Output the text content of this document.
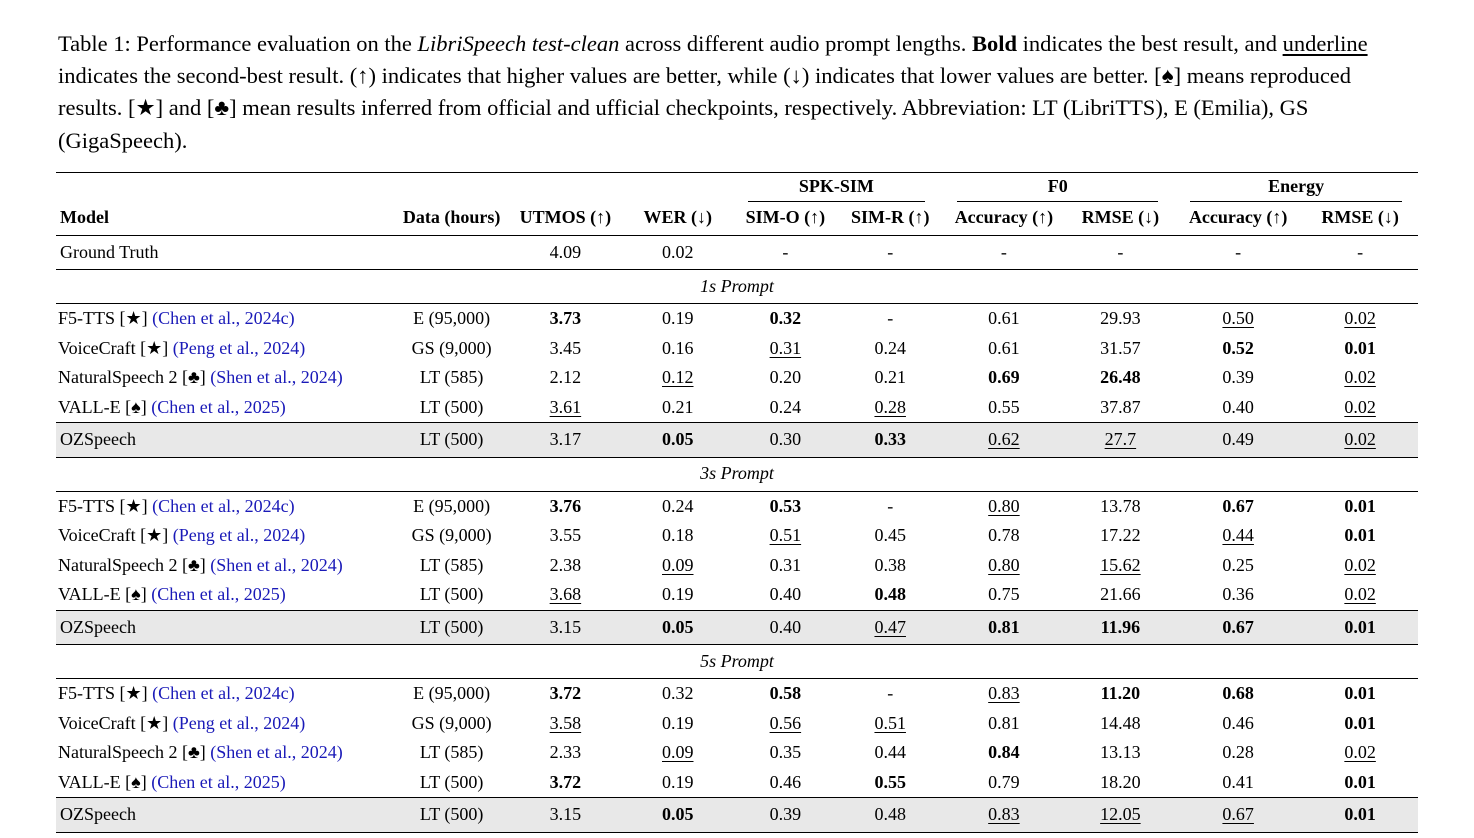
Table 1: Performance evaluation on the LibriSpeech test-clean across different audio prompt lengths. Bold indicates the best result, and underline indicates the second-best result. (↑) indicates that higher values are better, while (↓) indicates that lower values are better. [♠] means reproduced results. [★] and [♣] mean results inferred from official and ufficial checkpoints, respectively. Abbreviation: LT (LibriTTS), E (Emilia), GS (GigaSpeech).

				SPK-SIM		F0		Energy	

Model	Data (hours)	UTMOS (↑)	WER (↓)	SIM-O (↑)	SIM-R (↑)	Accuracy (↑)	RMSE (↓)	Accuracy (↑)	RMSE (↓)
Ground Truth		4.09	0.02	-	-	-	-	-	-
1s Prompt									
F5-TTS [★] (Chen et al., 2024c)	E (95,000)	3.73	0.19	0.32	-	0.61	29.93	0.50	0.02
VoiceCraft [★] (Peng et al., 2024)	GS (9,000)	3.45	0.16	0.31	0.24	0.61	31.57	0.52	0.01
NaturalSpeech 2 [♣] (Shen et al., 2024)	LT (585)	2.12	0.12	0.20	0.21	0.69	26.48	0.39	0.02
VALL-E [♠] (Chen et al., 2025)	LT (500)	3.61	0.21	0.24	0.28	0.55	37.87	0.40	0.02
OZSpeech	LT (500)	3.17	0.05	0.30	0.33	0.62	27.7	0.49	0.02
3s Prompt									
F5-TTS [★] (Chen et al., 2024c)	E (95,000)	3.76	0.24	0.53	-	0.80	13.78	0.67	0.01
VoiceCraft [★] (Peng et al., 2024)	GS (9,000)	3.55	0.18	0.51	0.45	0.78	17.22	0.44	0.01
NaturalSpeech 2 [♣] (Shen et al., 2024)	LT (585)	2.38	0.09	0.31	0.38	0.80	15.62	0.25	0.02
VALL-E [♠] (Chen et al., 2025)	LT (500)	3.68	0.19	0.40	0.48	0.75	21.66	0.36	0.02
OZSpeech	LT (500)	3.15	0.05	0.40	0.47	0.81	11.96	0.67	0.01
5s Prompt									
F5-TTS [★] (Chen et al., 2024c)	E (95,000)	3.72	0.32	0.58	-	0.83	11.20	0.68	0.01
VoiceCraft [★] (Peng et al., 2024)	GS (9,000)	3.58	0.19	0.56	0.51	0.81	14.48	0.46	0.01
NaturalSpeech 2 [♣] (Shen et al., 2024)	LT (585)	2.33	0.09	0.35	0.44	0.84	13.13	0.28	0.02
VALL-E [♠] (Chen et al., 2025)	LT (500)	3.72	0.19	0.46	0.55	0.79	18.20	0.41	0.01
OZSpeech	LT (500)	3.15	0.05	0.39	0.48	0.83	12.05	0.67	0.01
